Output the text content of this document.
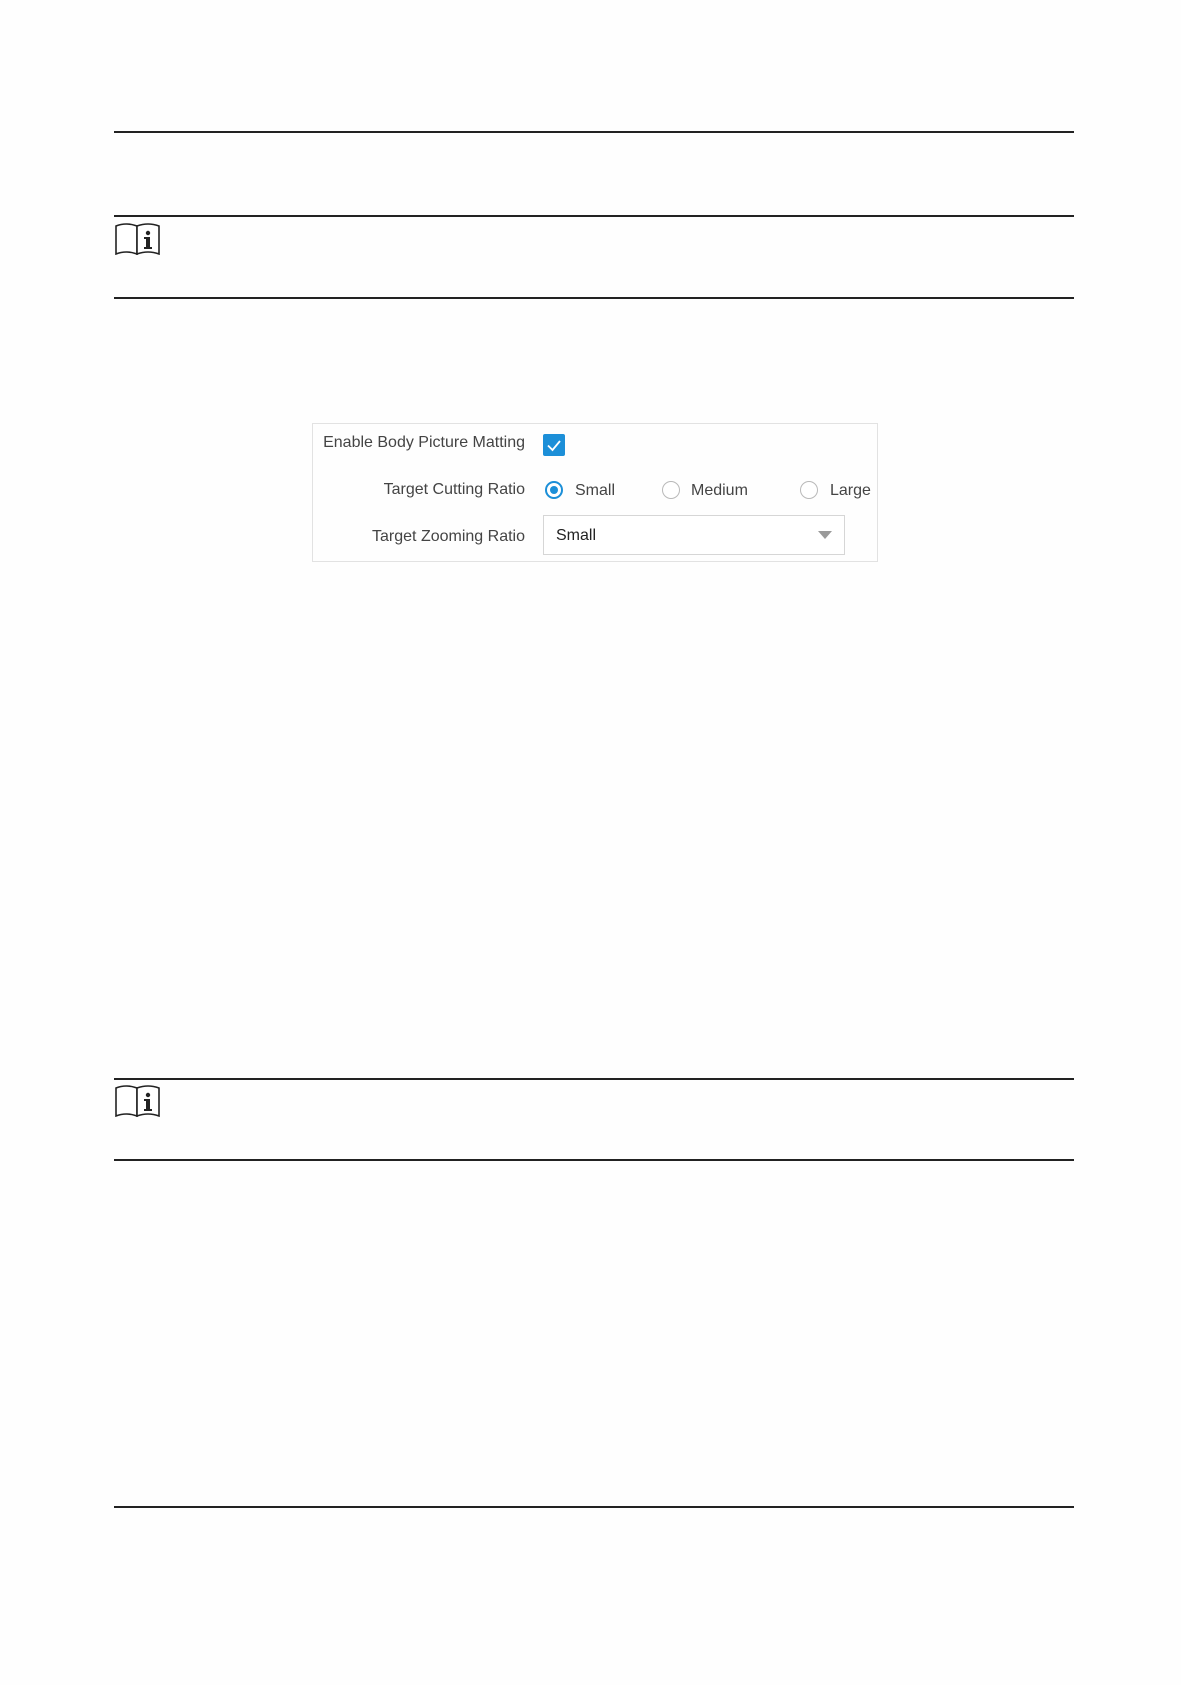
Enable Body Picture Matting
Target Cutting Ratio	Small	Medium	Large
Target Zooming Ratio Small
